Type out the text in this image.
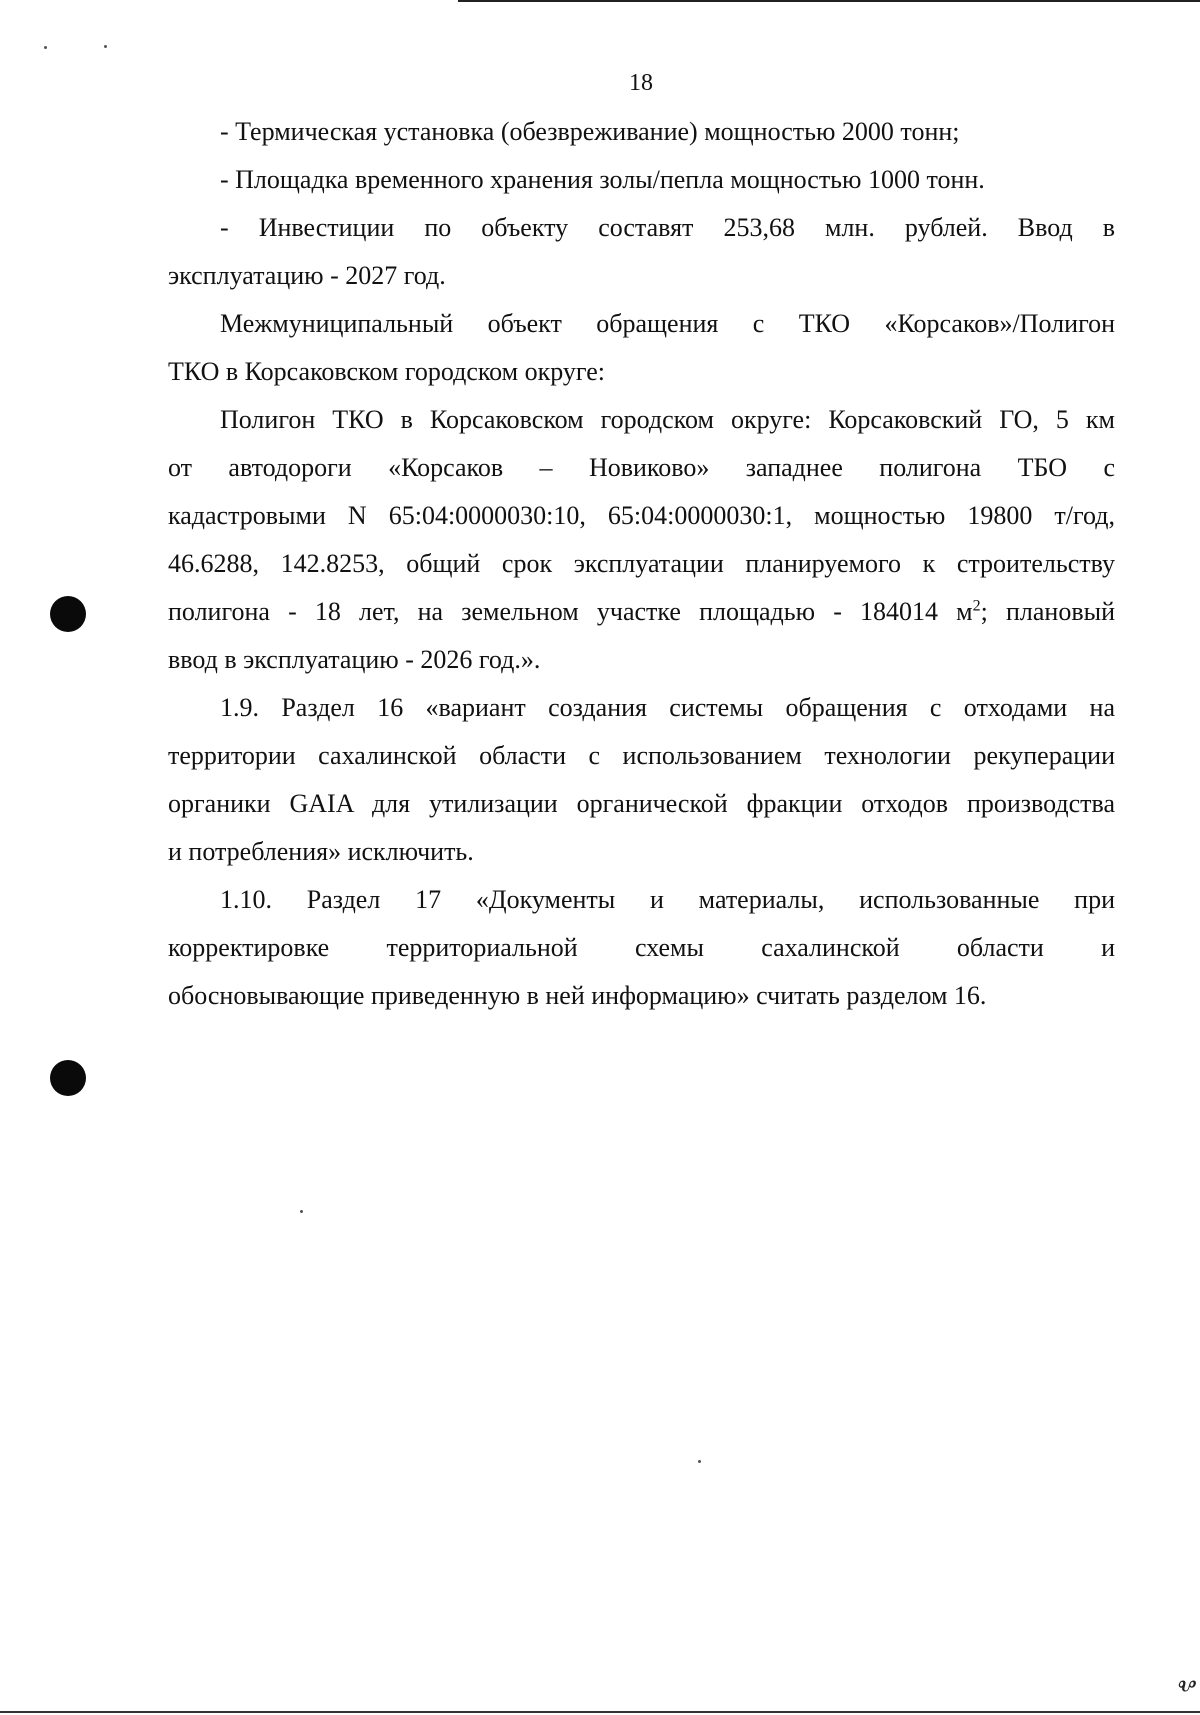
18
- Термическая установка (обезвреживание) мощностью 2000 тонн;
- Площадка временного хранения золы/пепла мощностью 1000 тонн.
- Инвестиции по объекту составят 253,68 млн. рублей. Ввод в
эксплуатацию - 2027 год.
Межмуниципальный объект обращения с ТКО «Корсаков»/Полигон
ТКО в Корсаковском городском округе:
Полигон ТКО в Корсаковском городском округе: Корсаковский ГО, 5 км
от автодороги «Корсаков – Новиково» западнее полигона ТБО с
кадастровыми N 65:04:0000030:10, 65:04:0000030:1, мощностью 19800 т/год,
46.6288, 142.8253, общий срок эксплуатации планируемого к строительству
полигона - 18 лет, на земельном участке площадью - 184014 $м^2$; плановый
ввод в эксплуатацию - 2026 год.».
1.9. Раздел 16 «вариант создания системы обращения с отходами на
территории сахалинской области с использованием технологии рекуперации
органики GAIA для утилизации органической фракции отходов производства
и потребления» исключить.
1.10. Раздел 17 «Документы и материалы, использованные при
корректировке территориальной схемы сахалинской области и
обосновывающие приведенную в ней информацию» считать разделом 16.
Ⰲ
